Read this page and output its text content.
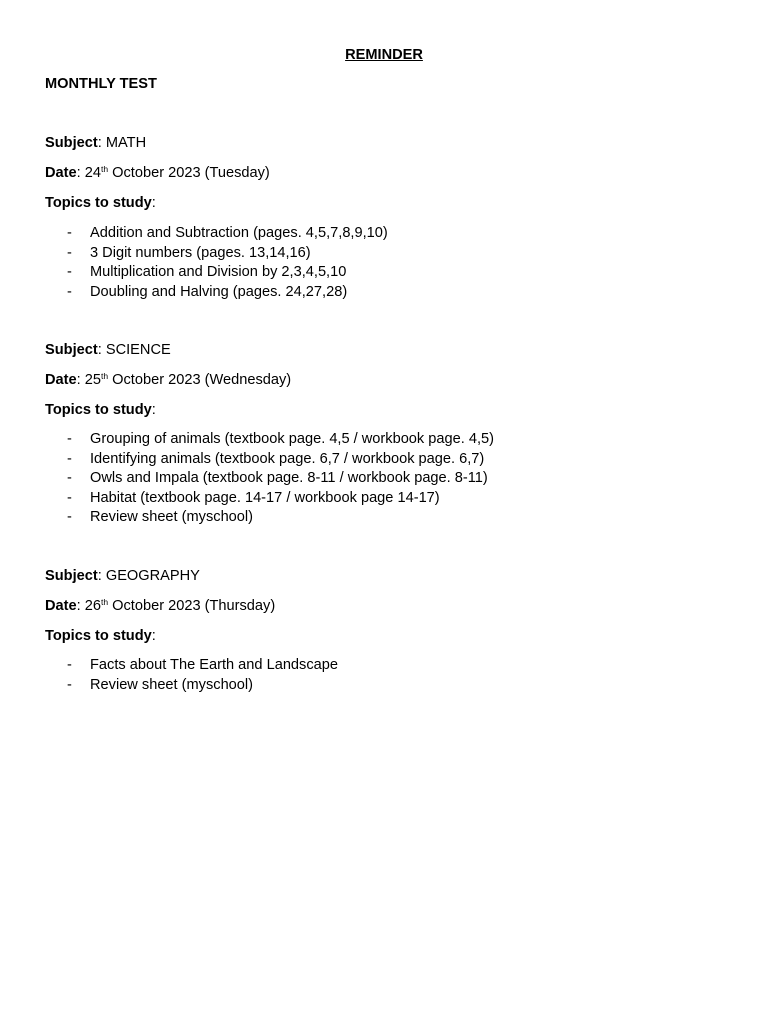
REMINDER
MONTHLY TEST
Subject: MATH
Date: 24th October 2023 (Tuesday)
Topics to study:
- Addition and Subtraction (pages. 4,5,7,8,9,10)
- 3 Digit numbers (pages. 13,14,16)
- Multiplication and Division by 2,3,4,5,10
- Doubling and Halving (pages. 24,27,28)
Subject: SCIENCE
Date: 25th October 2023 (Wednesday)
Topics to study:
- Grouping of animals (textbook page. 4,5 / workbook page. 4,5)
- Identifying animals (textbook page. 6,7 / workbook page. 6,7)
- Owls and Impala (textbook page. 8-11 / workbook page. 8-11)
- Habitat (textbook page. 14-17 / workbook page 14-17)
- Review sheet (myschool)
Subject: GEOGRAPHY
Date: 26th October 2023 (Thursday)
Topics to study:
- Facts about The Earth and Landscape
- Review sheet (myschool)
